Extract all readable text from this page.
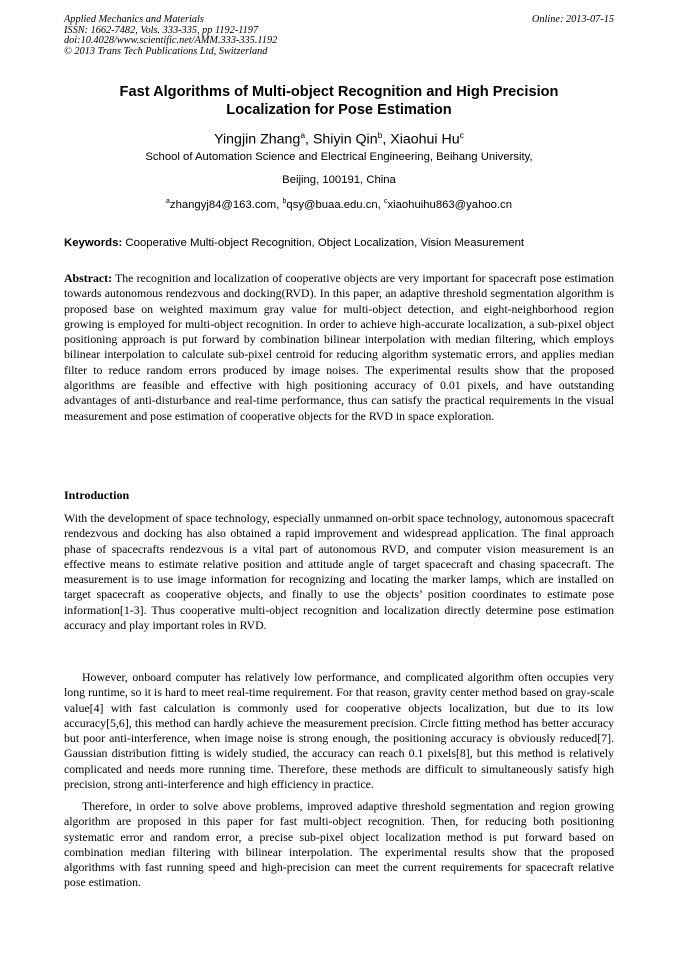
Applied Mechanics and Materials
ISSN: 1662-7482, Vols. 333-335, pp 1192-1197
doi:10.4028/www.scientific.net/AMM.333-335.1192
© 2013 Trans Tech Publications Ltd, Switzerland
Online: 2013-07-15
Fast Algorithms of Multi-object Recognition and High Precision
Localization for Pose Estimation
Yingjin Zhang$^a$, Shiyin Qin$^b$, Xiaohui Hu$^c$
School of Automation Science and Electrical Engineering, Beihang University,
Beijing, 100191, China
$^a$zhangyj84@163.com, $^b$qsy@buaa.edu.cn, $^c$xiaohuihu863@yahoo.cn
Keywords: Cooperative Multi-object Recognition, Object Localization, Vision Measurement

Abstract: The recognition and localization of cooperative objects are very important for spacecraft pose estimation towards autonomous rendezvous and docking(RVD). In this paper, an adaptive threshold segmentation algorithm is proposed base on weighted maximum gray value for multi-object detection, and eight-neighborhood region growing is employed for multi-object recognition. In order to achieve high-accurate localization, a sub-pixel object positioning approach is put forward by combination bilinear interpolation with median filtering, which employs bilinear interpolation to calculate sub-pixel centroid for reducing algorithm systematic errors, and applies median filter to reduce random errors produced by image noises. The experimental results show that the proposed algorithms are feasible and effective with high positioning accuracy of 0.01 pixels, and have outstanding advantages of anti-disturbance and real-time performance, thus can satisfy the practical requirements in the visual measurement and pose estimation of cooperative objects for the RVD in space exploration.

Introduction

With the development of space technology, especially unmanned on-orbit space technology, autonomous spacecraft rendezvous and docking has also obtained a rapid improvement and widespread application. The final approach phase of spacecrafts rendezvous is a vital part of autonomous RVD, and computer vision measurement is an effective means to estimate relative position and attitude angle of target spacecraft and chasing spacecraft. The measurement is to use image information for recognizing and locating the marker lamps, which are installed on target spacecraft as cooperative objects, and finally to use the objects’ position coordinates to estimate pose information[1-3]. Thus cooperative multi-object recognition and localization directly determine pose estimation accuracy and play important roles in RVD.

However, onboard computer has relatively low performance, and complicated algorithm often occupies very long runtime, so it is hard to meet real-time requirement. For that reason, gravity center method based on gray-scale value[4] with fast calculation is commonly used for cooperative objects localization, but due to its low accuracy[5,6], this method can hardly achieve the measurement precision. Circle fitting method has better accuracy but poor anti-interference, when image noise is strong enough, the positioning accuracy is obviously reduced[7]. Gaussian distribution fitting is widely studied, the accuracy can reach 0.1 pixels[8], but this method is relatively complicated and needs more running time. Therefore, these methods are difficult to simultaneously satisfy high precision, strong anti-interference and high efficiency in practice.

Therefore, in order to solve above problems, improved adaptive threshold segmentation and region growing algorithm are proposed in this paper for fast multi-object recognition. Then, for reducing both positioning systematic error and random error, a precise sub-pixel object localization method is put forward based on combination median filtering with bilinear interpolation. The experimental results show that the proposed algorithms with fast running speed and high-precision can meet the current requirements for spacecraft relative pose estimation.
